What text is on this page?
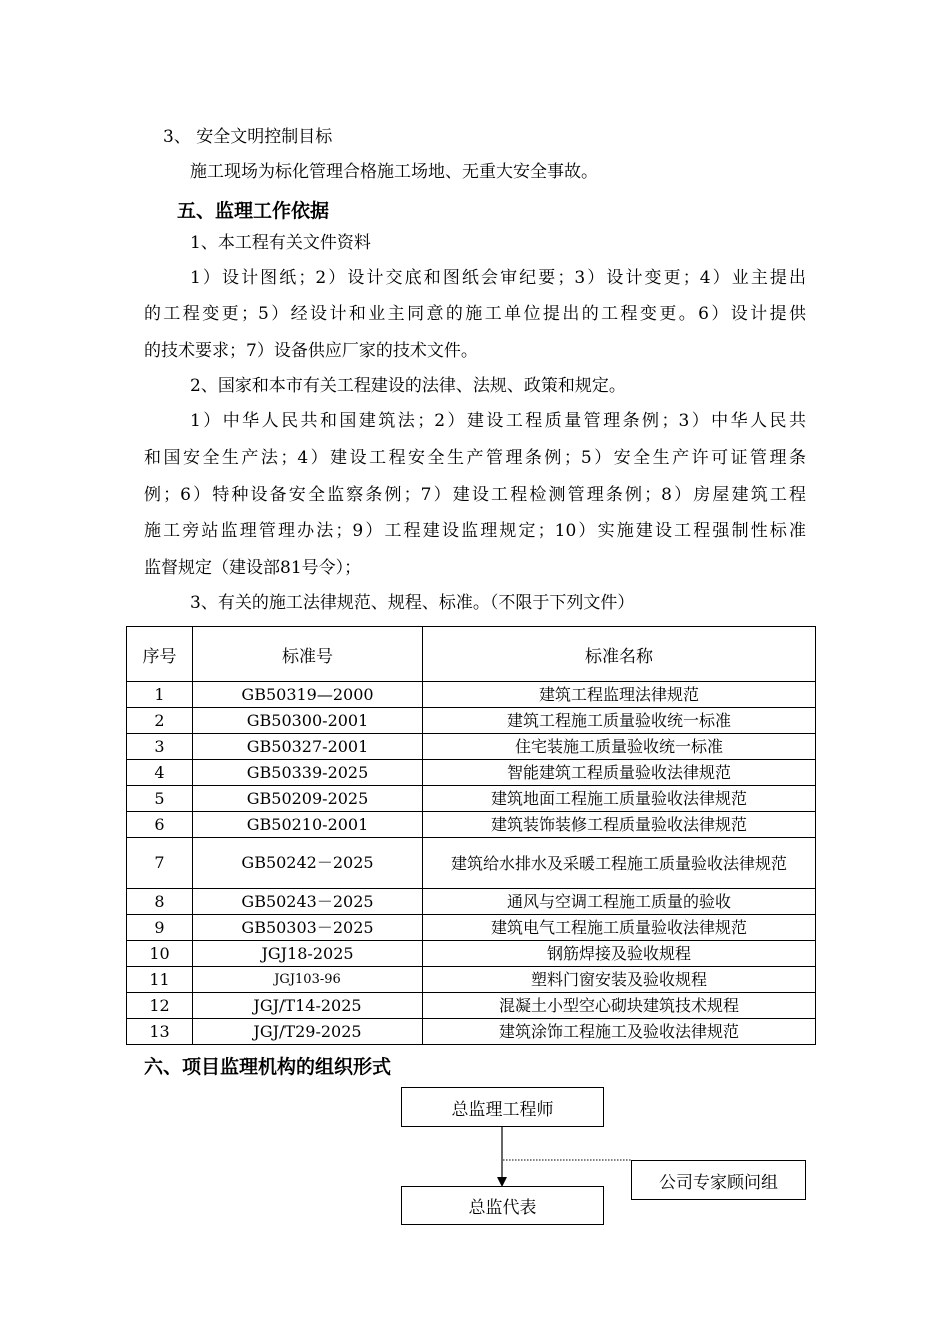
3、 安全文明控制目标
施工现场为标化管理合格施工场地、无重大安全事故。
五、监理工作依据
1、本工程有关文件资料
1）设计图纸；2）设计交底和图纸会审纪要；3）设计变更；4）业主提出
的工程变更；5）经设计和业主同意的施工单位提出的工程变更。6）设计提供
的技术要求；7）设备供应厂家的技术文件。
2、国家和本市有关工程建设的法律、法规、政策和规定。
1）中华人民共和国建筑法；2）建设工程质量管理条例；3）中华人民共
和国安全生产法；4）建设工程安全生产管理条例；5）安全生产许可证管理条
例；6）特种设备安全监察条例；7）建设工程检测管理条例；8）房屋建筑工程
施工旁站监理管理办法；9）工程建设监理规定；10）实施建设工程强制性标准
监督规定（建设部81号令）；
3、有关的施工法律规范、规程、标准。（不限于下列文件）
序号	标准号	标准名称
1	GB50319—2000	建筑工程监理法律规范
2	GB50300-2001	建筑工程施工质量验收统一标准
3	GB50327-2001	住宅装施工质量验收统一标准
4	GB50339-2025	智能建筑工程质量验收法律规范
5	GB50209-2025	建筑地面工程施工质量验收法律规范
6	GB50210-2001	建筑装饰装修工程质量验收法律规范
7	GB50242－2025	建筑给水排水及采暖工程施工质量验收法律规范
8	GB50243－2025	通风与空调工程施工质量的验收
9	GB50303－2025	建筑电气工程施工质量验收法律规范
10	JGJ18-2025	钢筋焊接及验收规程
11	JGJ103-96	塑料门窗安装及验收规程
12	JGJ/T14-2025	混凝土小型空心砌块建筑技术规程
13	JGJ/T29-2025	建筑涂饰工程施工及验收法律规范
六、项目监理机构的组织形式
总监理工程师
公司专家顾问组
总监代表
